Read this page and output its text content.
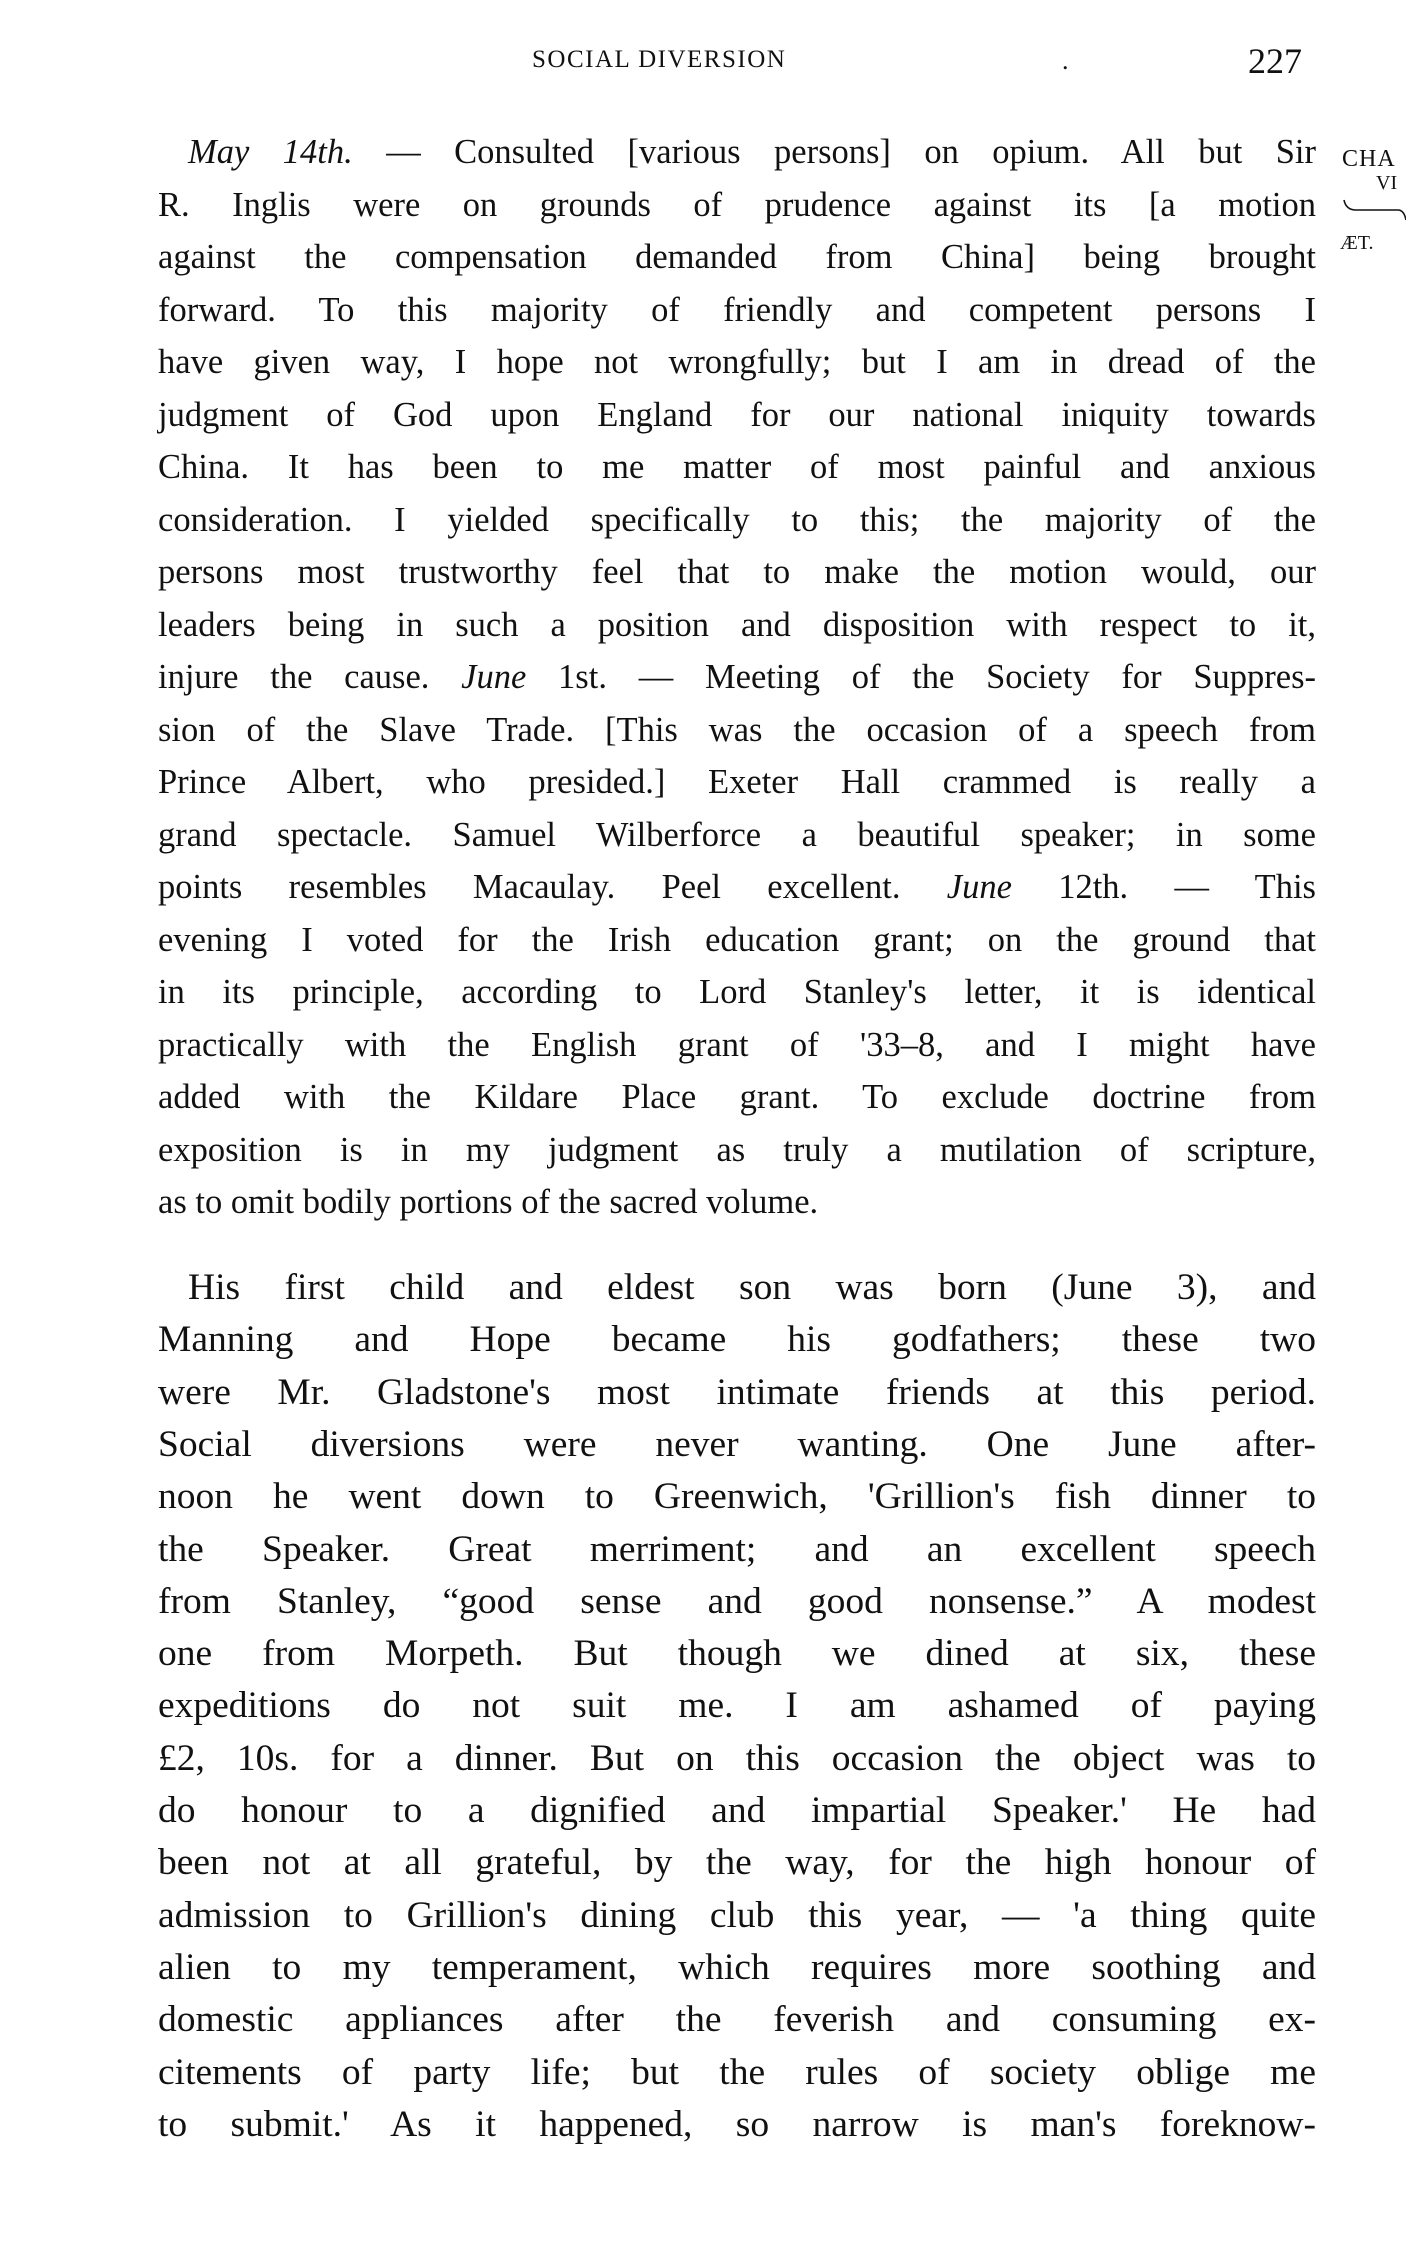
SOCIAL DIVERSION	.	227
CHA
VI
ÆT.
May 14th. — Consulted [various persons] on opium. All but Sir
R. Inglis were on grounds of prudence against its [a motion
against the compensation demanded from China] being brought
forward. To this majority of friendly and competent persons I
have given way, I hope not wrongfully; but I am in dread of the
judgment of God upon England for our national iniquity towards
China. It has been to me matter of most painful and anxious
consideration. I yielded specifically to this; the majority of the
persons most trustworthy feel that to make the motion would, our
leaders being in such a position and disposition with respect to it,
injure the cause. June 1st. — Meeting of the Society for Suppres-
sion of the Slave Trade. [This was the occasion of a speech from
Prince Albert, who presided.] Exeter Hall crammed is really a
grand spectacle. Samuel Wilberforce a beautiful speaker; in some
points resembles Macaulay. Peel excellent. June 12th. — This
evening I voted for the Irish education grant; on the ground that
in its principle, according to Lord Stanley's letter, it is identical
practically with the English grant of '33–8, and I might have
added with the Kildare Place grant. To exclude doctrine from
exposition is in my judgment as truly a mutilation of scripture,
as to omit bodily portions of the sacred volume.
His first child and eldest son was born (June 3), and
Manning and Hope became his godfathers; these two
were Mr. Gladstone's most intimate friends at this period.
Social diversions were never wanting. One June after-
noon he went down to Greenwich, 'Grillion's fish dinner to
the Speaker. Great merriment; and an excellent speech
from Stanley, “good sense and good nonsense.” A modest
one from Morpeth. But though we dined at six, these
expeditions do not suit me. I am ashamed of paying
£2, 10s. for a dinner. But on this occasion the object was to
do honour to a dignified and impartial Speaker.' He had
been not at all grateful, by the way, for the high honour of
admission to Grillion's dining club this year, — 'a thing quite
alien to my temperament, which requires more soothing and
domestic appliances after the feverish and consuming ex-
citements of party life; but the rules of society oblige me
to submit.' As it happened, so narrow is man's foreknow-
